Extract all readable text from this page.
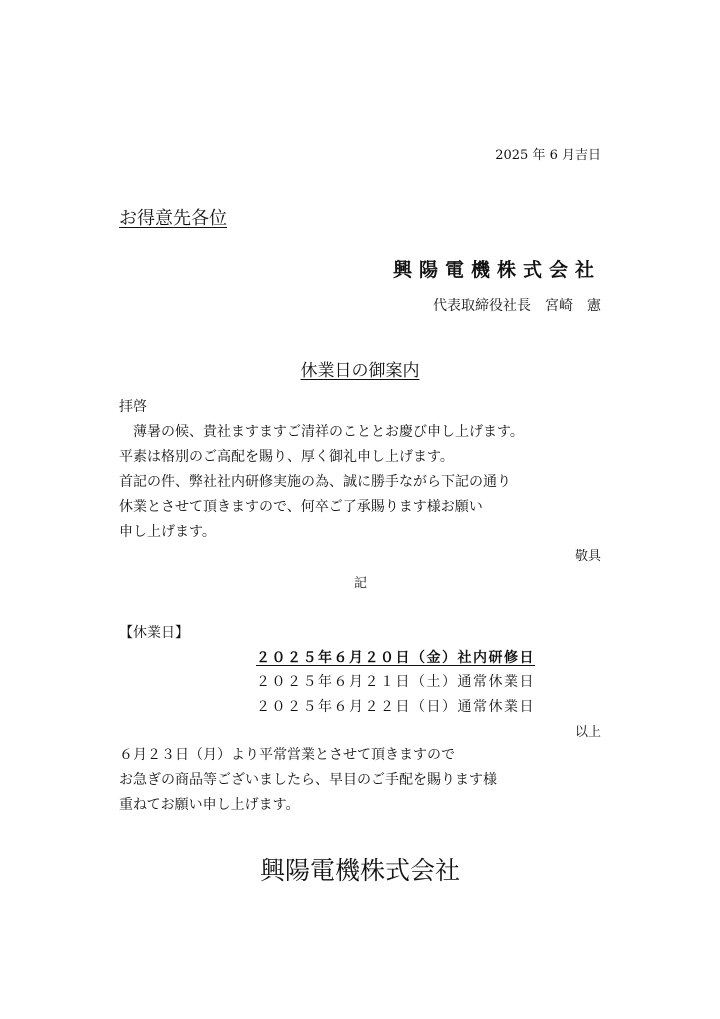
2025 年 6 月吉日
お得意先各位
興陽電機株式会社
代表取締役社長　宮崎　憲
休業日の御案内
拝啓
　薄暑の候、貴社ますますご清祥のこととお慶び申し上げます。
平素は格別のご高配を賜り、厚く御礼申し上げます。
首記の件、弊社社内研修実施の為、誠に勝手ながら下記の通り
休業とさせて頂きますので、何卒ご了承賜ります様お願い
申し上げます。
敬具
記
【休業日】
２０２５年６月２０日（金）社内研修日
２０２５年６月２１日（土）通常休業日
２０２５年６月２２日（日）通常休業日
以上
６月２３日（月）より平常営業とさせて頂きますので
お急ぎの商品等ございましたら、早目のご手配を賜ります様
重ねてお願い申し上げます。
興陽電機株式会社
